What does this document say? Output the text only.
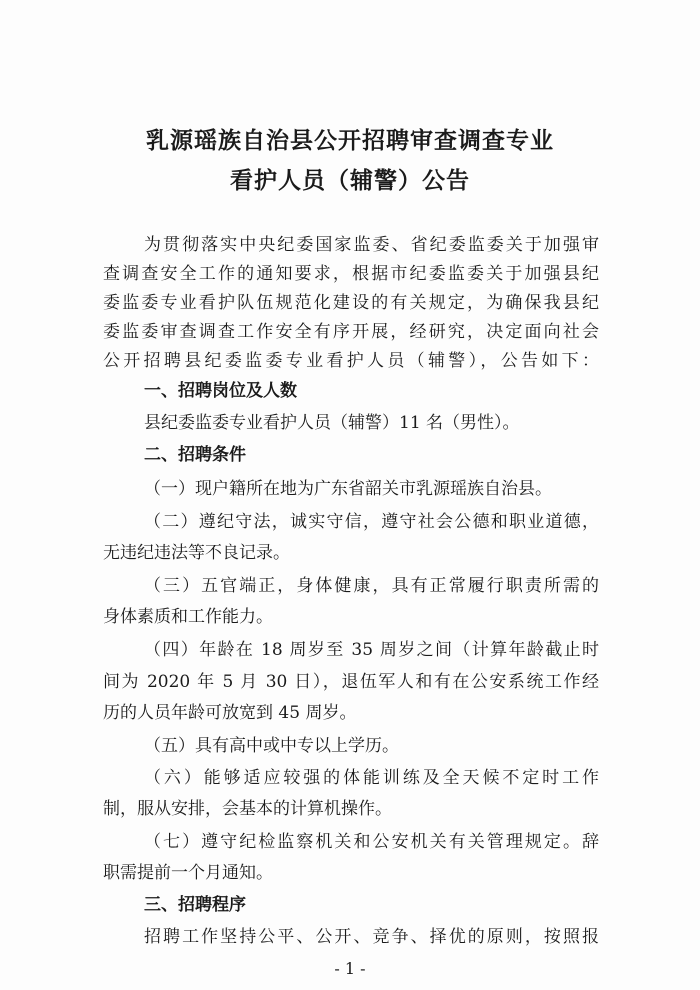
乳源瑶族自治县公开招聘审查调查专业
看护人员（辅警）公告
为贯彻落实中央纪委国家监委、省纪委监委关于加强审
查调查安全工作的通知要求，根据市纪委监委关于加强县纪
委监委专业看护队伍规范化建设的有关规定，为确保我县纪
委监委审查调查工作安全有序开展，经研究，决定面向社会
公开招聘县纪委监委专业看护人员（辅警），公告如下：
一、招聘岗位及人数
县纪委监委专业看护人员（辅警）11 名（男性）。
二、招聘条件
（一）现户籍所在地为广东省韶关市乳源瑶族自治县。
（二）遵纪守法，诚实守信，遵守社会公德和职业道德，
无违纪违法等不良记录。
（三）五官端正，身体健康，具有正常履行职责所需的
身体素质和工作能力。
（四）年龄在 18 周岁至 35 周岁之间（计算年龄截止时
间为 2020 年 5 月 30 日），退伍军人和有在公安系统工作经
历的人员年龄可放宽到 45 周岁。
（五）具有高中或中专以上学历。
（六）能够适应较强的体能训练及全天候不定时工作
制，服从安排，会基本的计算机操作。
（七）遵守纪检监察机关和公安机关有关管理规定。辞
职需提前一个月通知。
- 1 -
三、招聘程序
招聘工作坚持公平、公开、竞争、择优的原则，按照报
